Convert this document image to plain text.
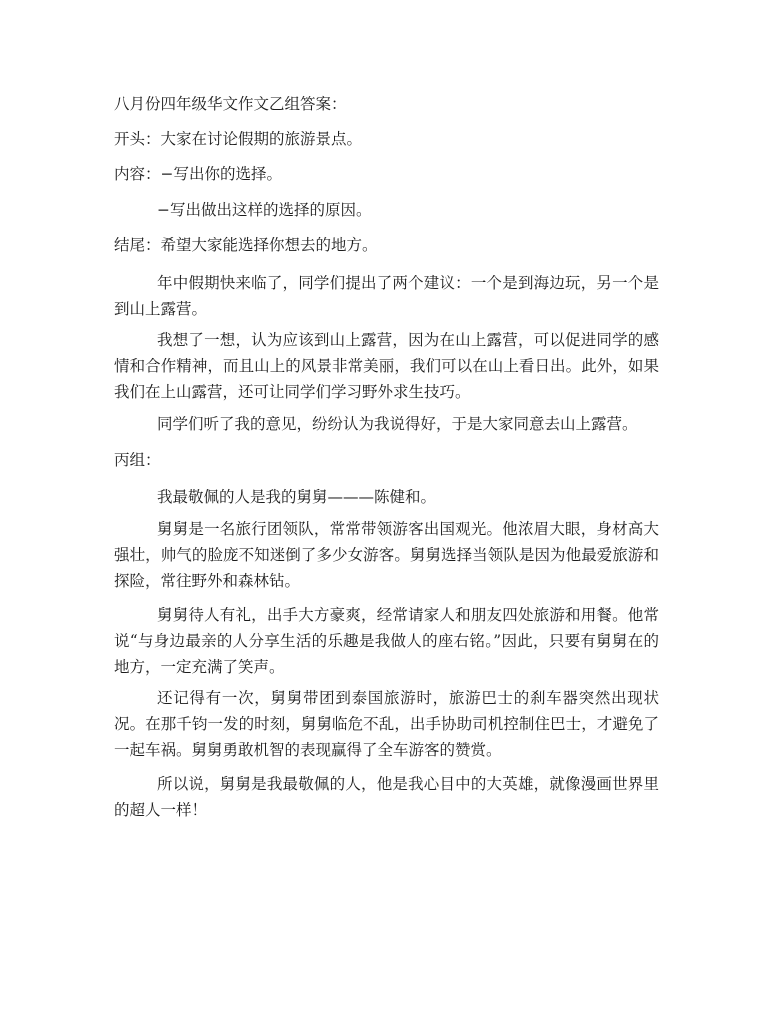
八月份四年级华文作文乙组答案：

开头：大家在讨论假期的旅游景点。

内容：−写出你的选择。

−写出做出这样的选择的原因。

结尾：希望大家能选择你想去的地方。

年中假期快来临了，同学们提出了两个建议：一个是到海边玩，另一个是到山上露营。

我想了一想，认为应该到山上露营，因为在山上露营，可以促进同学的感情和合作精神，而且山上的风景非常美丽，我们可以在山上看日出。此外，如果我们在上山露营，还可让同学们学习野外求生技巧。

同学们听了我的意见，纷纷认为我说得好，于是大家同意去山上露营。

丙组：

我最敬佩的人是我的舅舅———陈健和。

舅舅是一名旅行团领队，常常带领游客出国观光。他浓眉大眼，身材高大强壮，帅气的脸庞不知迷倒了多少女游客。舅舅选择当领队是因为他最爱旅游和探险，常往野外和森林钻。

舅舅待人有礼，出手大方豪爽，经常请家人和朋友四处旅游和用餐。他常说“与身边最亲的人分享生活的乐趣是我做人的座右铭。”因此，只要有舅舅在的地方，一定充满了笑声。

还记得有一次，舅舅带团到泰国旅游时，旅游巴士的刹车器突然出现状况。在那千钧一发的时刻，舅舅临危不乱，出手协助司机控制住巴士，才避免了一起车祸。舅舅勇敢机智的表现赢得了全车游客的赞赏。

所以说，舅舅是我最敬佩的人，他是我心目中的大英雄，就像漫画世界里的超人一样！
